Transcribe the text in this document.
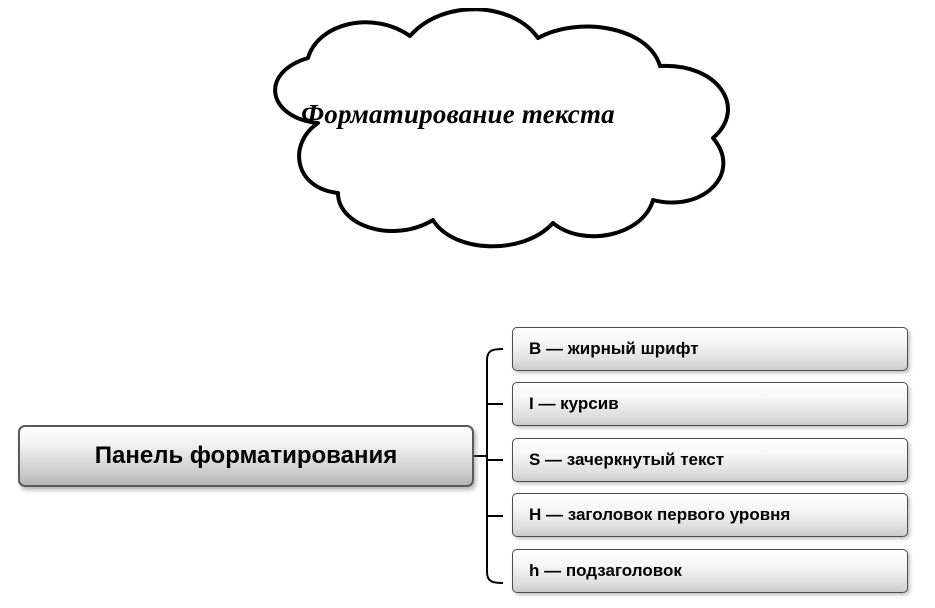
Форматирование текста
Панель форматирования
B — жирный шрифт
I — курсив
S — зачеркнутый текст
H — заголовок первого уровня
h — подзаголовок
